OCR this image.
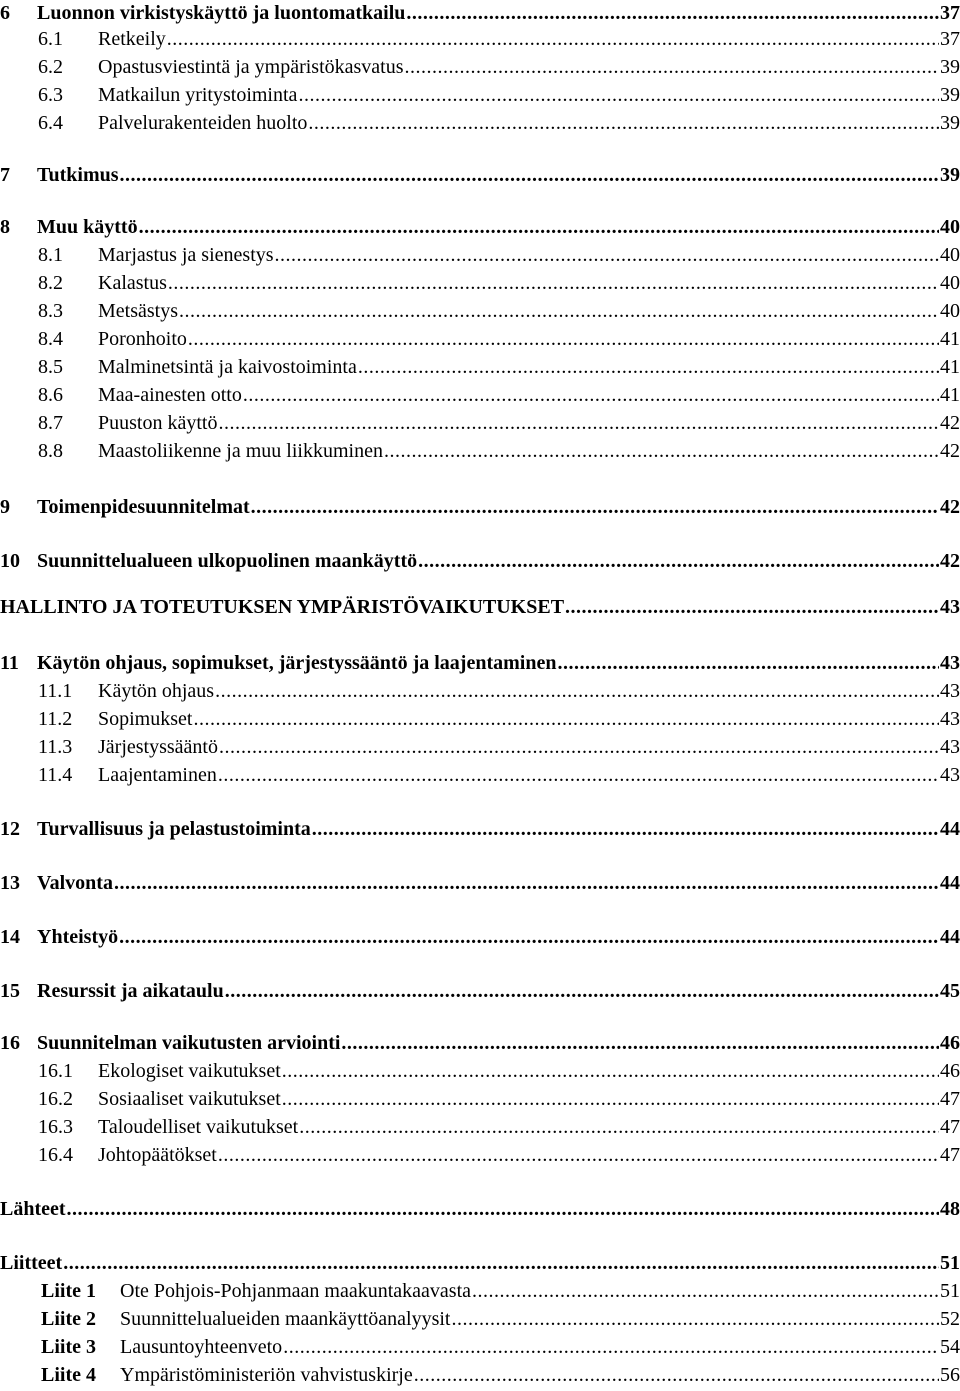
6	Luonnon virkistyskäyttö ja luontomatkailu .....	37
6.1	Retkeily .....	37
6.2	Opastusviestintä ja ympäristökasvatus .....	39
6.3	Matkailun yritystoiminta .....	39
6.4	Palvelurakenteiden huolto .....	39
7	Tutkimus .....	39
8	Muu käyttö .....	40
8.1	Marjastus ja sienestys .....	40
8.2	Kalastus .....	40
8.3	Metsästys .....	40
8.4	Poronhoito .....	41
8.5	Malminetsintä ja kaivostoiminta .....	41
8.6	Maa-ainesten otto .....	41
8.7	Puuston käyttö .....	42
8.8	Maastoliikenne ja muu liikkuminen .....	42
9	Toimenpidesuunnitelmat .....	42
10 Suunnittelualueen ulkopuolinen maankäyttö .....	42
HALLINTO JA TOTEUTUKSEN YMPÄRISTÖVAIKUTUKSET .....	43
11 Käytön ohjaus, sopimukset, järjestyssääntö ja laajentaminen .....	43
11.1	Käytön ohjaus .....	43
11.2	Sopimukset .....	43
11.3	Järjestyssääntö .....	43
11.4	Laajentaminen .....	43
12 Turvallisuus ja pelastustoiminta .....	44
13 Valvonta .....	44
14 Yhteistyö .....	44
15 Resurssit ja aikataulu .....	45
16 Suunnitelman vaikutusten arviointi .....	46
16.1	Ekologiset vaikutukset .....	46
16.2	Sosiaaliset vaikutukset .....	47
16.3	Taloudelliset vaikutukset .....	47
16.4	Johtopäätökset .....	47
Lähteet .....	48
Liitteet .....	51
Liite 1	Ote Pohjois-Pohjanmaan maakuntakaavasta .....	51
Liite 2	Suunnittelualueiden maankäyttöanalyysit .....	52
Liite 3	Lausuntoyhteenveto .....	54
Liite 4	Ympäristöministeriön vahvistuskirje .....	56
